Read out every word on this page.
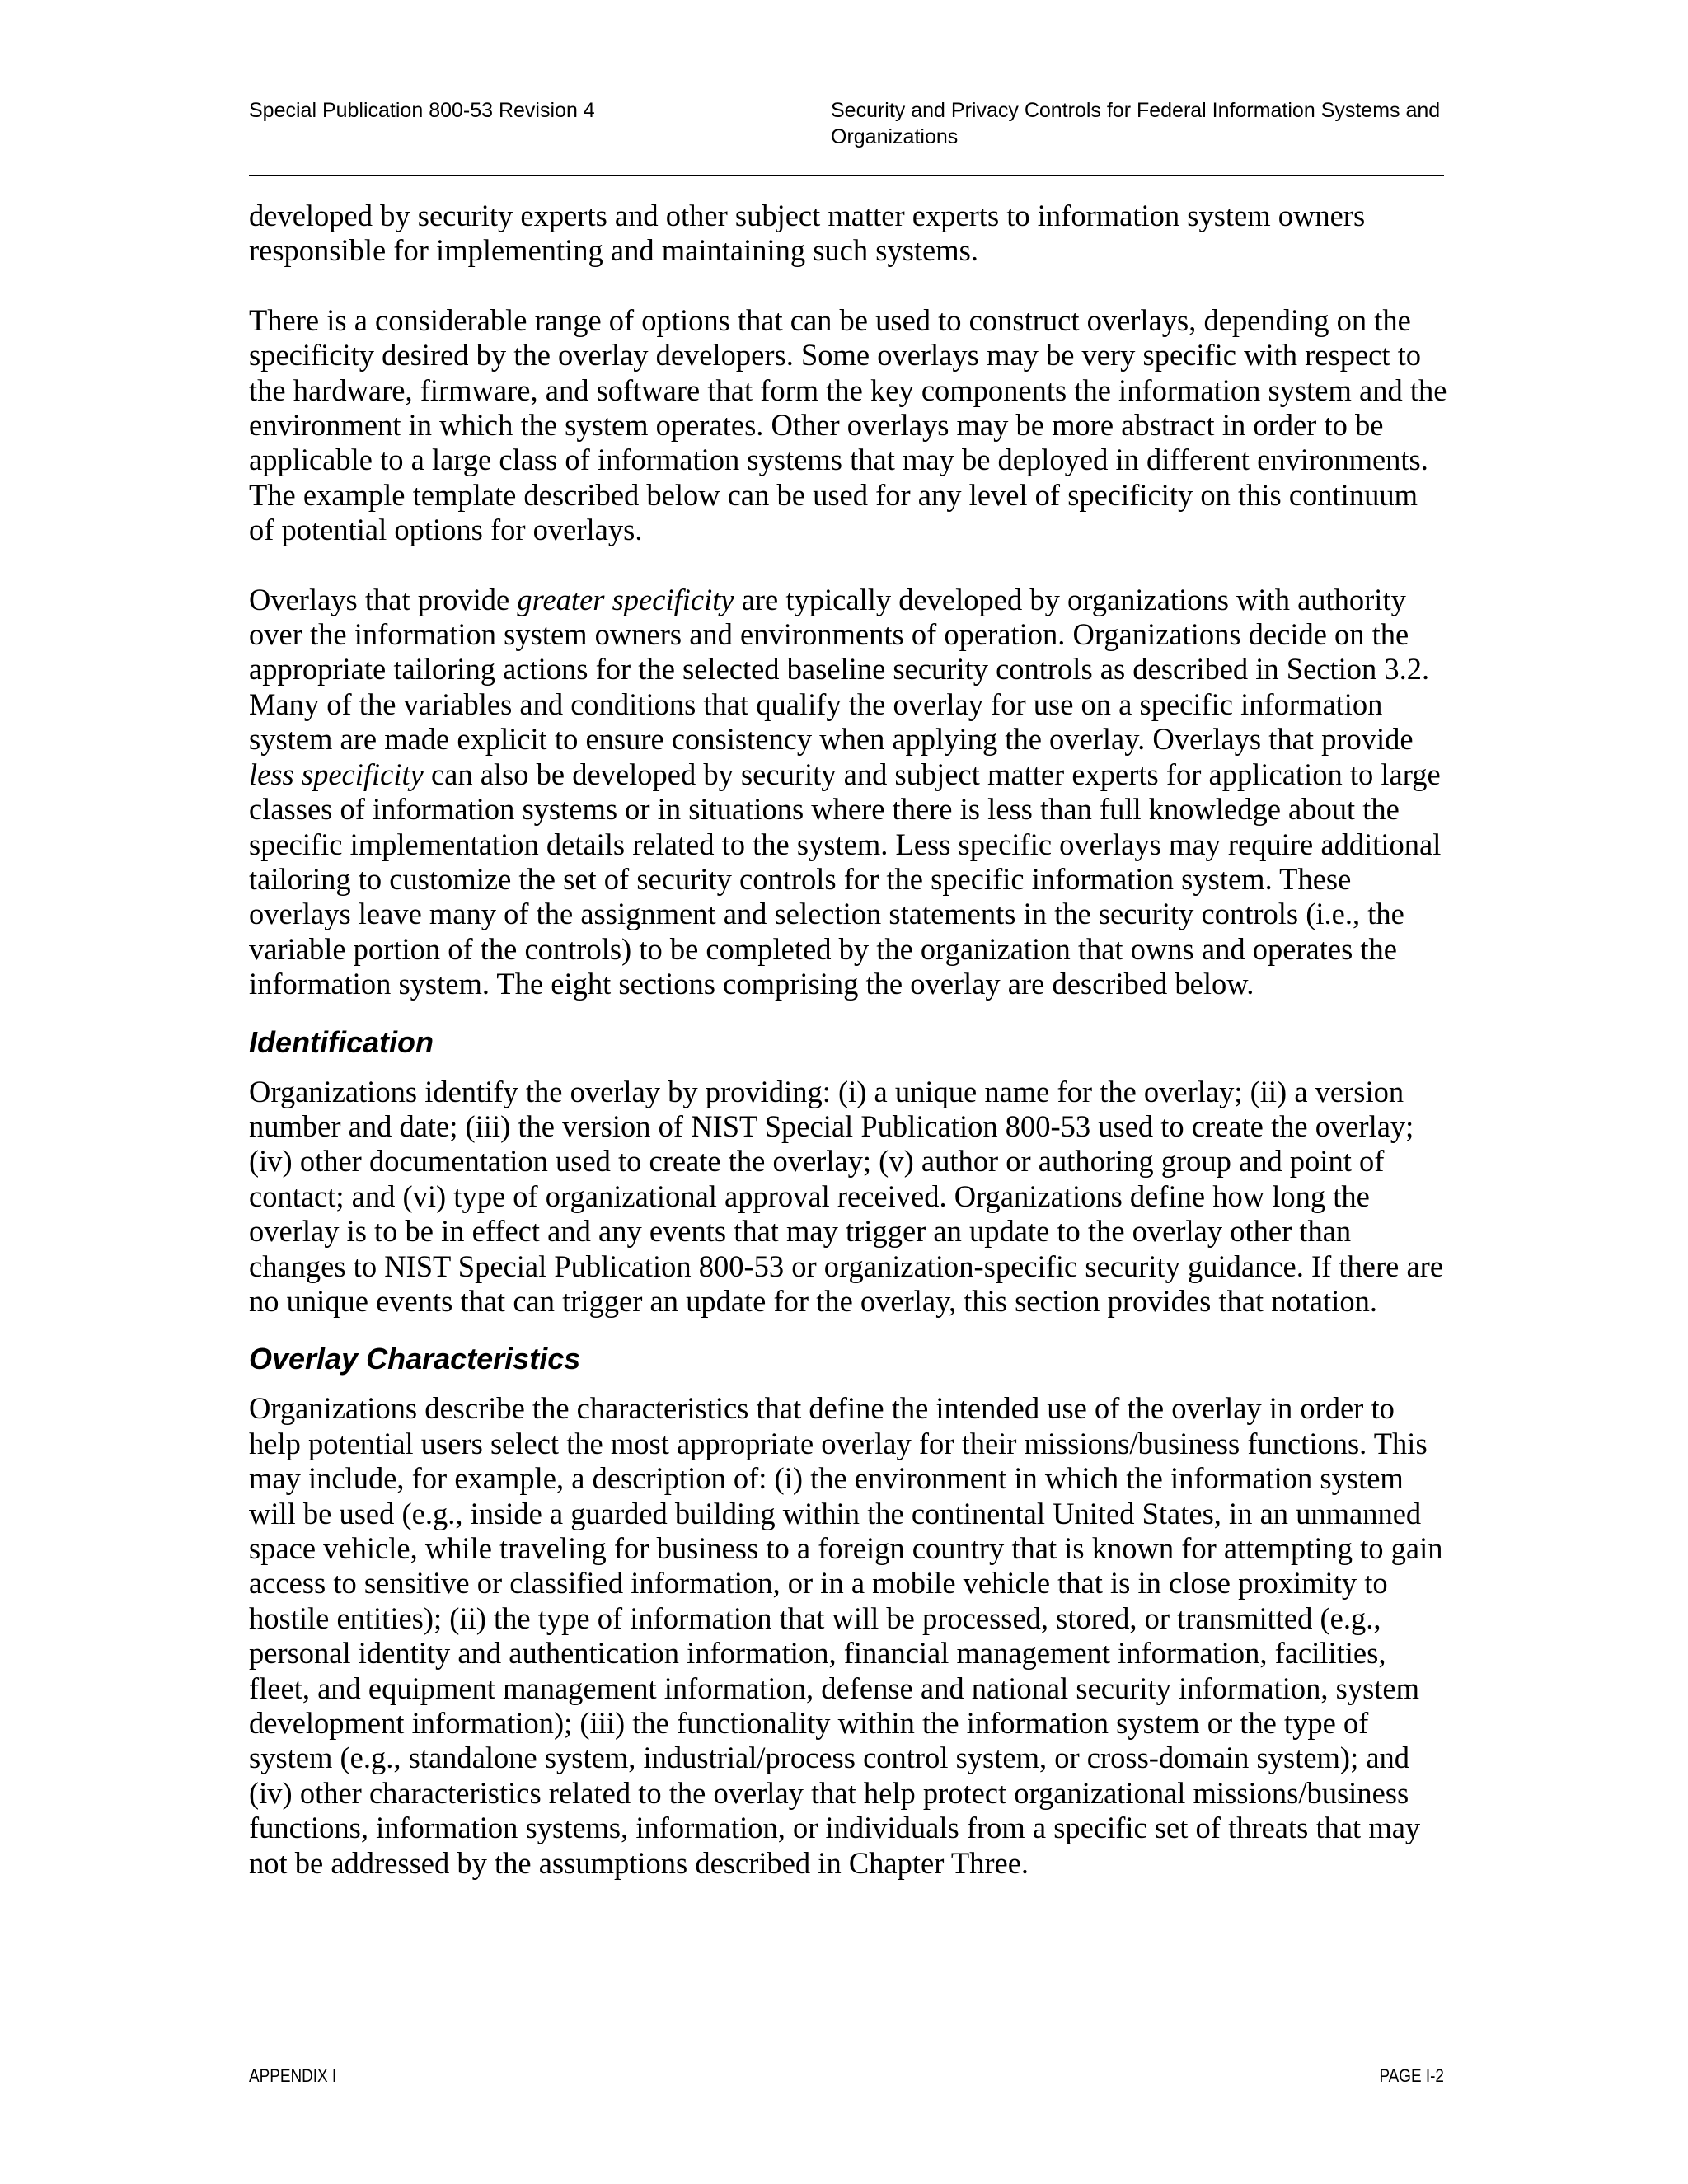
Special Publication 800-53 Revision 4	Security and Privacy Controls for Federal Information Systems and Organizations

developed by security experts and other subject matter experts to information system owners responsible for implementing and maintaining such systems.

There is a considerable range of options that can be used to construct overlays, depending on the specificity desired by the overlay developers. Some overlays may be very specific with respect to the hardware, firmware, and software that form the key components the information system and the environment in which the system operates. Other overlays may be more abstract in order to be applicable to a large class of information systems that may be deployed in different environments. The example template described below can be used for any level of specificity on this continuum of potential options for overlays.

Overlays that provide greater specificity are typically developed by organizations with authority over the information system owners and environments of operation. Organizations decide on the appropriate tailoring actions for the selected baseline security controls as described in Section 3.2. Many of the variables and conditions that qualify the overlay for use on a specific information system are made explicit to ensure consistency when applying the overlay. Overlays that provide less specificity can also be developed by security and subject matter experts for application to large classes of information systems or in situations where there is less than full knowledge about the specific implementation details related to the system. Less specific overlays may require additional tailoring to customize the set of security controls for the specific information system. These overlays leave many of the assignment and selection statements in the security controls (i.e., the variable portion of the controls) to be completed by the organization that owns and operates the information system. The eight sections comprising the overlay are described below.

Identification

Organizations identify the overlay by providing: (i) a unique name for the overlay; (ii) a version number and date; (iii) the version of NIST Special Publication 800-53 used to create the overlay; (iv) other documentation used to create the overlay; (v) author or authoring group and point of contact; and (vi) type of organizational approval received. Organizations define how long the overlay is to be in effect and any events that may trigger an update to the overlay other than changes to NIST Special Publication 800-53 or organization-specific security guidance. If there are no unique events that can trigger an update for the overlay, this section provides that notation.

Overlay Characteristics

Organizations describe the characteristics that define the intended use of the overlay in order to help potential users select the most appropriate overlay for their missions/business functions. This may include, for example, a description of: (i) the environment in which the information system will be used (e.g., inside a guarded building within the continental United States, in an unmanned space vehicle, while traveling for business to a foreign country that is known for attempting to gain access to sensitive or classified information, or in a mobile vehicle that is in close proximity to hostile entities); (ii) the type of information that will be processed, stored, or transmitted (e.g., personal identity and authentication information, financial management information, facilities, fleet, and equipment management information, defense and national security information, system development information); (iii) the functionality within the information system or the type of system (e.g., standalone system, industrial/process control system, or cross-domain system); and (iv) other characteristics related to the overlay that help protect organizational missions/business functions, information systems, information, or individuals from a specific set of threats that may not be addressed by the assumptions described in Chapter Three.

APPENDIX I	PAGE I-2
